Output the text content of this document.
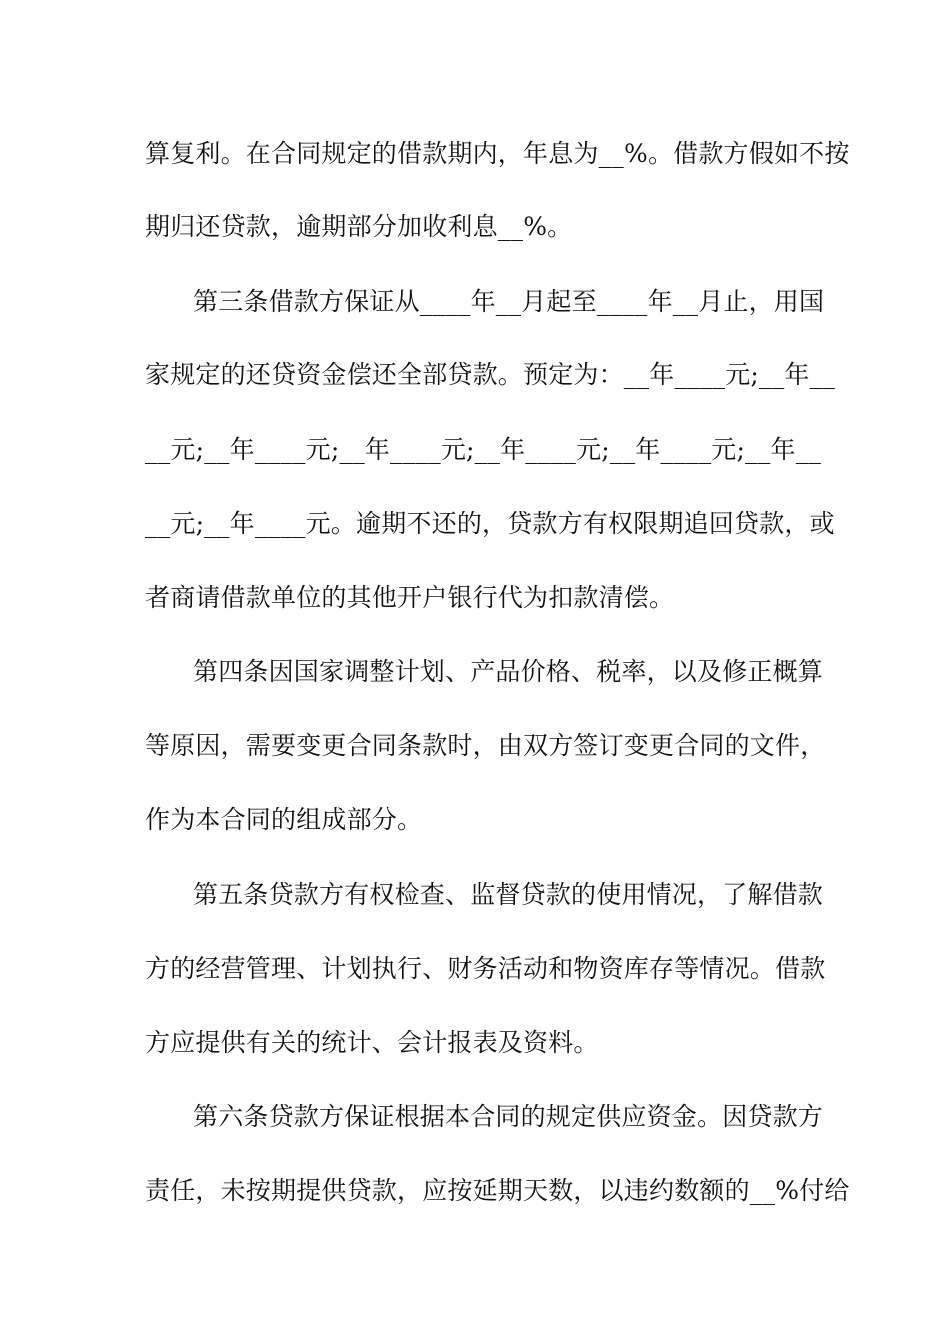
算复利。在合同规定的借款期内，年息为__%。借款方假如不按
期归还贷款，逾期部分加收利息__%。
第三条借款方保证从____年__月起至____年__月止，用国
家规定的还贷资金偿还全部贷款。预定为：__年____元;__年__
__元;__年____元;__年____元;__年____元;__年____元;__年__
__元;__年____元。逾期不还的，贷款方有权限期追回贷款，或
者商请借款单位的其他开户银行代为扣款清偿。
第四条因国家调整计划、产品价格、税率，以及修正概算
等原因，需要变更合同条款时，由双方签订变更合同的文件，
作为本合同的组成部分。
第五条贷款方有权检查、监督贷款的使用情况，了解借款
方的经营管理、计划执行、财务活动和物资库存等情况。借款
方应提供有关的统计、会计报表及资料。
第六条贷款方保证根据本合同的规定供应资金。因贷款方
责任，未按期提供贷款，应按延期天数，以违约数额的__%付给
